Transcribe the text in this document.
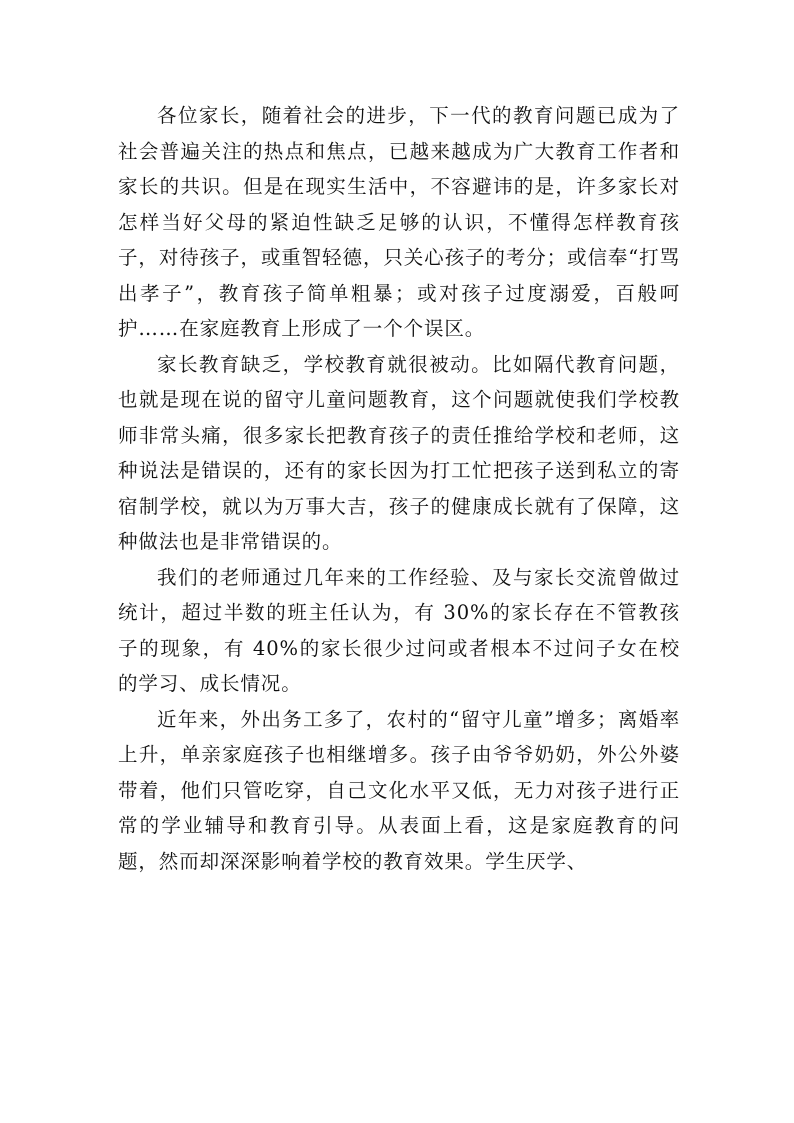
各位家长，随着社会的进步，下一代的教育问题已成为了社会普遍关注的热点和焦点，已越来越成为广大教育工作者和家长的共识。但是在现实生活中，不容避讳的是，许多家长对怎样当好父母的紧迫性缺乏足够的认识，不懂得怎样教育孩子，对待孩子，或重智轻德，只关心孩子的考分；或信奉“打骂出孝子”，教育孩子简单粗暴；或对孩子过度溺爱，百般呵护……在家庭教育上形成了一个个误区。

家长教育缺乏，学校教育就很被动。比如隔代教育问题，也就是现在说的留守儿童问题教育，这个问题就使我们学校教师非常头痛，很多家长把教育孩子的责任推给学校和老师，这种说法是错误的，还有的家长因为打工忙把孩子送到私立的寄宿制学校，就以为万事大吉，孩子的健康成长就有了保障，这种做法也是非常错误的。

我们的老师通过几年来的工作经验、及与家长交流曾做过统计，超过半数的班主任认为，有 30%的家长存在不管教孩子的现象，有 40%的家长很少过问或者根本不过问子女在校的学习、成长情况。

近年来，外出务工多了，农村的“留守儿童”增多；离婚率上升，单亲家庭孩子也相继增多。孩子由爷爷奶奶，外公外婆带着，他们只管吃穿，自己文化水平又低，无力对孩子进行正常的学业辅导和教育引导。从表面上看，这是家庭教育的问题，然而却深深影响着学校的教育效果。学生厌学、
